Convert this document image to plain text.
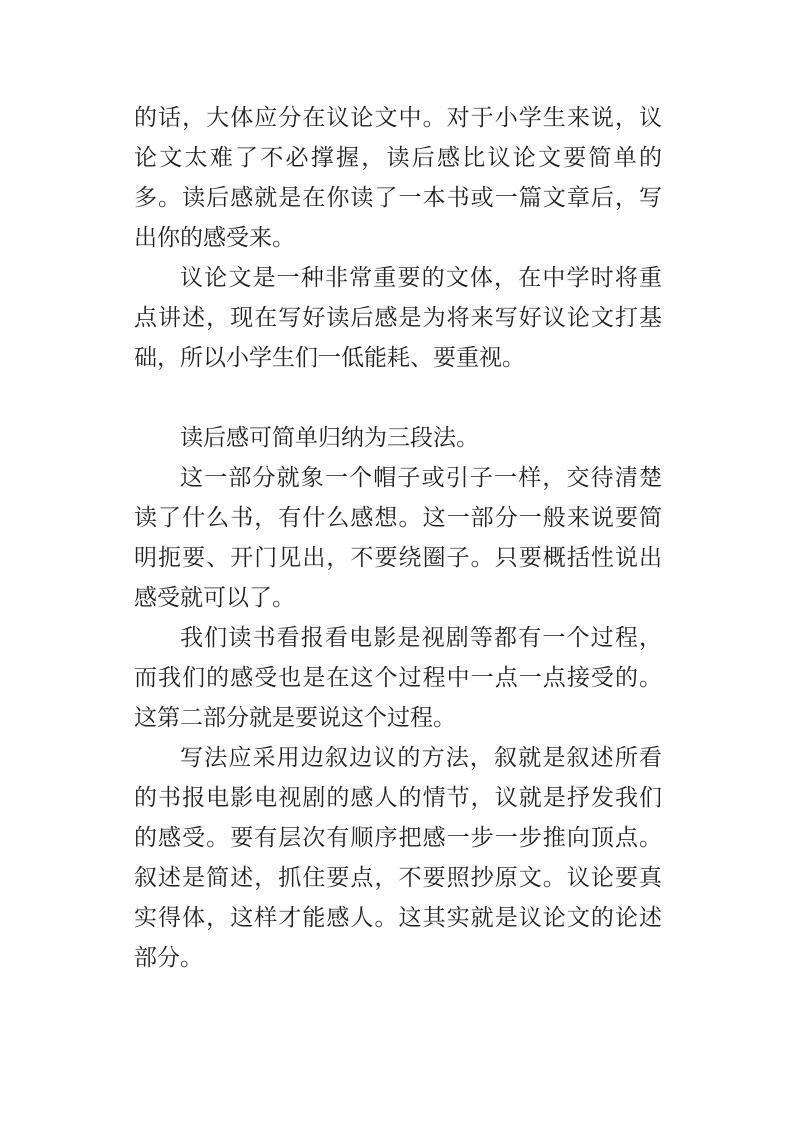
的话，大体应分在议论文中。对于小学生来说，议论文太难了不必撑握，读后感比议论文要简单的多。读后感就是在你读了一本书或一篇文章后，写出你的感受来。

议论文是一种非常重要的文体，在中学时将重点讲述，现在写好读后感是为将来写好议论文打基础，所以小学生们一低能耗、要重视。

读后感可简单归纳为三段法。

这一部分就象一个帽子或引子一样，交待清楚读了什么书，有什么感想。这一部分一般来说要简明扼要、开门见出，不要绕圈子。只要概括性说出感受就可以了。

我们读书看报看电影是视剧等都有一个过程，而我们的感受也是在这个过程中一点一点接受的。这第二部分就是要说这个过程。

写法应采用边叙边议的方法，叙就是叙述所看的书报电影电视剧的感人的情节，议就是抒发我们的感受。要有层次有顺序把感一步一步推向顶点。叙述是简述，抓住要点，不要照抄原文。议论要真实得体，这样才能感人。这其实就是议论文的论述部分。
